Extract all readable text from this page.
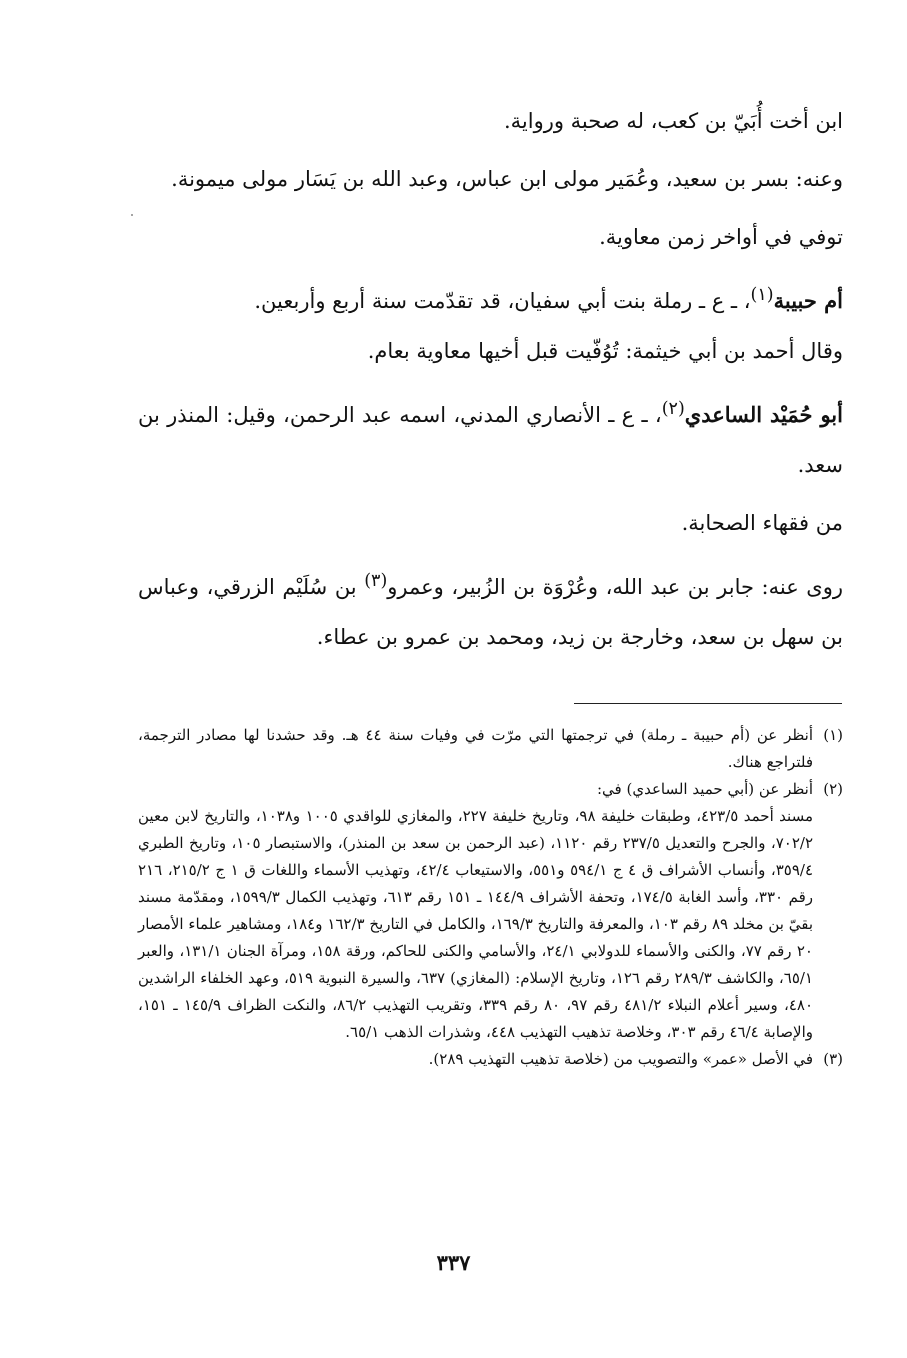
ابن أخت أُبَيّ بن كعب، له صحبة ورواية.

وعنه: بسر بن سعيد، وعُمَير مولى ابن عباس، وعبد الله بن يَسَار مولى ميمونة.

توفي في أواخر زمن معاوية.

أم حبيبة$^{(١)}$، ـ ع ـ رملة بنت أبي سفيان، قد تقدّمت سنة أربع وأربعين.

وقال أحمد بن أبي خيثمة: تُوُفّيت قبل أخيها معاوية بعام.

أبو حُمَيْد الساعدي$^{(٢)}$، ـ ع ـ الأنصاري المدني، اسمه عبد الرحمن، وقيل: المنذر بن سعد.

من فقهاء الصحابة.

روى عنه: جابر بن عبد الله، وعُرْوَة بن الزُبير، وعمرو$^{(٣)}$ بن سُلَيْم الزرقي، وعباس بن سهل بن سعد، وخارجة بن زيد، ومحمد بن عمرو بن عطاء.

(١)

أنظر عن (أم حبيبة ـ رملة) في ترجمتها التي مرّت في وفيات سنة ٤٤ هـ. وقد حشدنا لها مصادر الترجمة، فلتراجع هناك.

(٢)

أنظر عن (أبي حميد الساعدي) في:

مسند أحمد ٤٢٣/٥، وطبقات خليفة ٩٨، وتاريخ خليفة ٢٢٧، والمغازي للواقدي ١٠٠٥ و١٠٣٨، والتاريخ لابن معين ٧٠٢/٢، والجرح والتعديل ٢٣٧/٥ رقم ١١٢٠، (عبد الرحمن بن سعد بن المنذر)، والاستبصار ١٠٥، وتاريخ الطبري ٣٥٩/٤، وأنساب الأشراف ق ٤ ج ٥٩٤/١ و٥٥١، والاستيعاب ٤٢/٤، وتهذيب الأسماء واللغات ق ١ ج ٢١٥/٢، ٢١٦ رقم ٣٣٠، وأسد الغابة ١٧٤/٥، وتحفة الأشراف ١٤٤/٩ ـ ١٥١ رقم ٦١٣، وتهذيب الكمال ١٥٩٩/٣، ومقدّمة مسند بقيّ بن مخلد ٨٩ رقم ١٠٣، والمعرفة والتاريخ ١٦٩/٣، والكامل في التاريخ ١٦٢/٣ و١٨٤، ومشاهير علماء الأمصار ٢٠ رقم ٧٧، والكنى والأسماء للدولابي ٢٤/١، والأسامي والكنى للحاكم، ورقة ١٥٨، ومرآة الجنان ١٣١/١، والعبر ٦٥/١، والكاشف ٢٨٩/٣ رقم ١٢٦، وتاريخ الإسلام: (المغازي) ٦٣٧، والسيرة النبوية ٥١٩، وعهد الخلفاء الراشدين ٤٨٠، وسير أعلام النبلاء ٤٨١/٢ رقم ٩٧، ٨٠ رقم ٣٣٩، وتقريب التهذيب ٨٦/٢، والنكت الظراف ١٤٥/٩ ـ ١٥١، والإصابة ٤٦/٤ رقم ٣٠٣، وخلاصة تذهيب التهذيب ٤٤٨، وشذرات الذهب ٦٥/١.

(٣)

في الأصل «عمر» والتصويب من (خلاصة تذهيب التهذيب ٢٨٩).

٣٣٧
